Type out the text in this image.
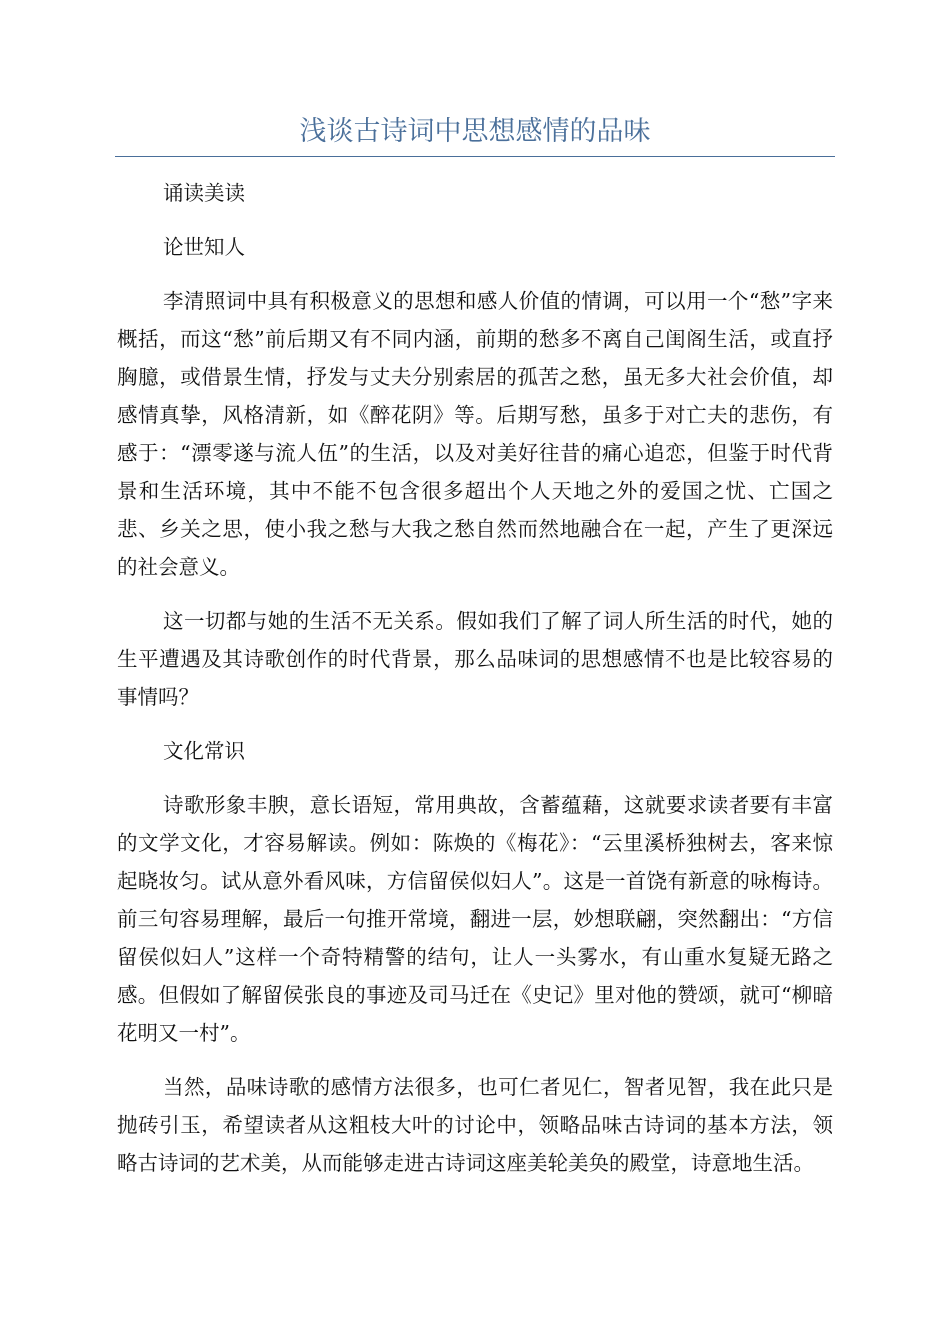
浅谈古诗词中思想感情的品味

诵读美读

论世知人

李清照词中具有积极意义的思想和感人价值的情调，可以用一个“愁”字来概括，而这“愁”前后期又有不同内涵，前期的愁多不离自己闺阁生活，或直抒胸臆，或借景生情，抒发与丈夫分别索居的孤苦之愁，虽无多大社会价值，却感情真挚，风格清新，如《醉花阴》等。后期写愁，虽多于对亡夫的悲伤，有感于：“漂零遂与流人伍”的生活，以及对美好往昔的痛心追恋，但鉴于时代背景和生活环境，其中不能不包含很多超出个人天地之外的爱国之忧、亡国之悲、乡关之思，使小我之愁与大我之愁自然而然地融合在一起，产生了更深远的社会意义。

这一切都与她的生活不无关系。假如我们了解了词人所生活的时代，她的生平遭遇及其诗歌创作的时代背景，那么品味词的思想感情不也是比较容易的事情吗？

文化常识

诗歌形象丰腴，意长语短，常用典故，含蓄蕴藉，这就要求读者要有丰富的文学文化，才容易解读。例如：陈焕的《梅花》：“云里溪桥独树去，客来惊起晓妆匀。试从意外看风味，方信留侯似妇人”。这是一首饶有新意的咏梅诗。前三句容易理解，最后一句推开常境，翻进一层，妙想联翩，突然翻出：“方信留侯似妇人”这样一个奇特精警的结句，让人一头雾水，有山重水复疑无路之感。但假如了解留侯张良的事迹及司马迁在《史记》里对他的赞颂，就可“柳暗花明又一村”。

当然，品味诗歌的感情方法很多，也可仁者见仁，智者见智，我在此只是抛砖引玉，希望读者从这粗枝大叶的讨论中，领略品味古诗词的基本方法，领略古诗词的艺术美，从而能够走进古诗词这座美轮美奂的殿堂，诗意地生活。
